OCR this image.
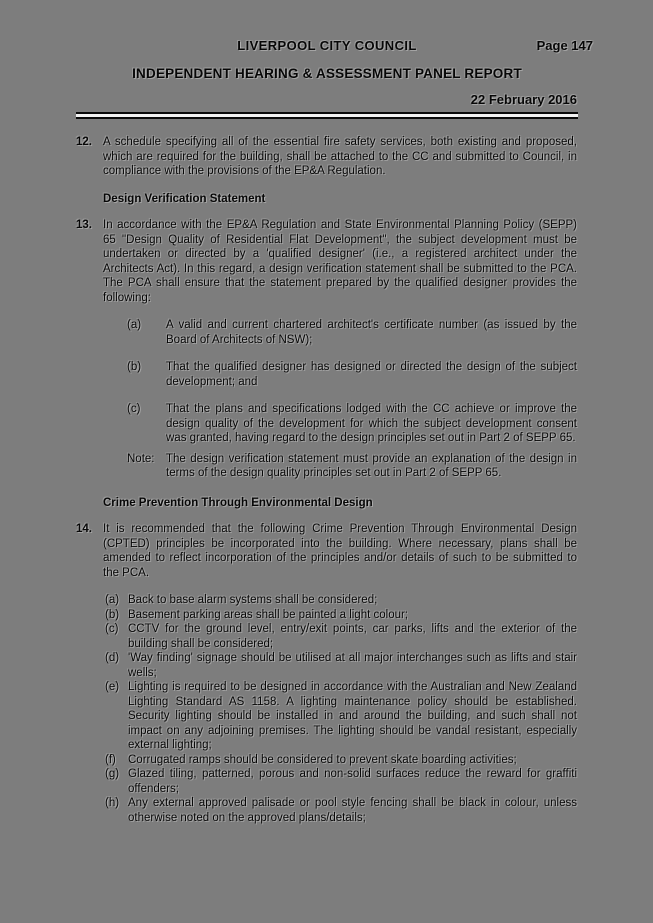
LIVERPOOL CITY COUNCIL	Page 147
INDEPENDENT HEARING & ASSESSMENT PANEL REPORT
22 February 2016
12. A schedule specifying all of the essential fire safety services, both existing and proposed, which are required for the building, shall be attached to the CC and submitted to Council, in compliance with the provisions of the EP&A Regulation.

Design Verification Statement
13. In accordance with the EP&A Regulation and State Environmental Planning Policy (SEPP) 65 "Design Quality of Residential Flat Development", the subject development must be undertaken or directed by a 'qualified designer' (i.e., a registered architect under the Architects Act). In this regard, a design verification statement shall be submitted to the PCA. The PCA shall ensure that the statement prepared by the qualified designer provides the following:

(a)	A valid and current chartered architect's certificate number (as issued by the Board of Architects of NSW);

(b)	That the qualified designer has designed or directed the design of the subject development; and

(c)	That the plans and specifications lodged with the CC achieve or improve the design quality of the development for which the subject development consent was granted, having regard to the design principles set out in Part 2 of SEPP 65.

Note:	The design verification statement must provide an explanation of the design in terms of the design quality principles set out in Part 2 of SEPP 65.

Crime Prevention Through Environmental Design
14. It is recommended that the following Crime Prevention Through Environmental Design (CPTED) principles be incorporated into the building. Where necessary, plans shall be amended to reflect incorporation of the principles and/or details of such to be submitted to the PCA.

(a) Back to base alarm systems shall be considered;

(b) Basement parking areas shall be painted a light colour;

(c) CCTV for the ground level, entry/exit points, car parks, lifts and the exterior of the building shall be considered;

(d) 'Way finding' signage should be utilised at all major interchanges such as lifts and stair wells;

(e) Lighting is required to be designed in accordance with the Australian and New Zealand Lighting Standard AS 1158. A lighting maintenance policy should be established. Security lighting should be installed in and around the building, and such shall not impact on any adjoining premises. The lighting should be vandal resistant, especially external lighting;

(f)	Corrugated ramps should be considered to prevent skate boarding activities;

(g) Glazed tiling, patterned, porous and non-solid surfaces reduce the reward for graffiti offenders;

(h) Any external approved palisade or pool style fencing shall be black in colour, unless otherwise noted on the approved plans/details;
